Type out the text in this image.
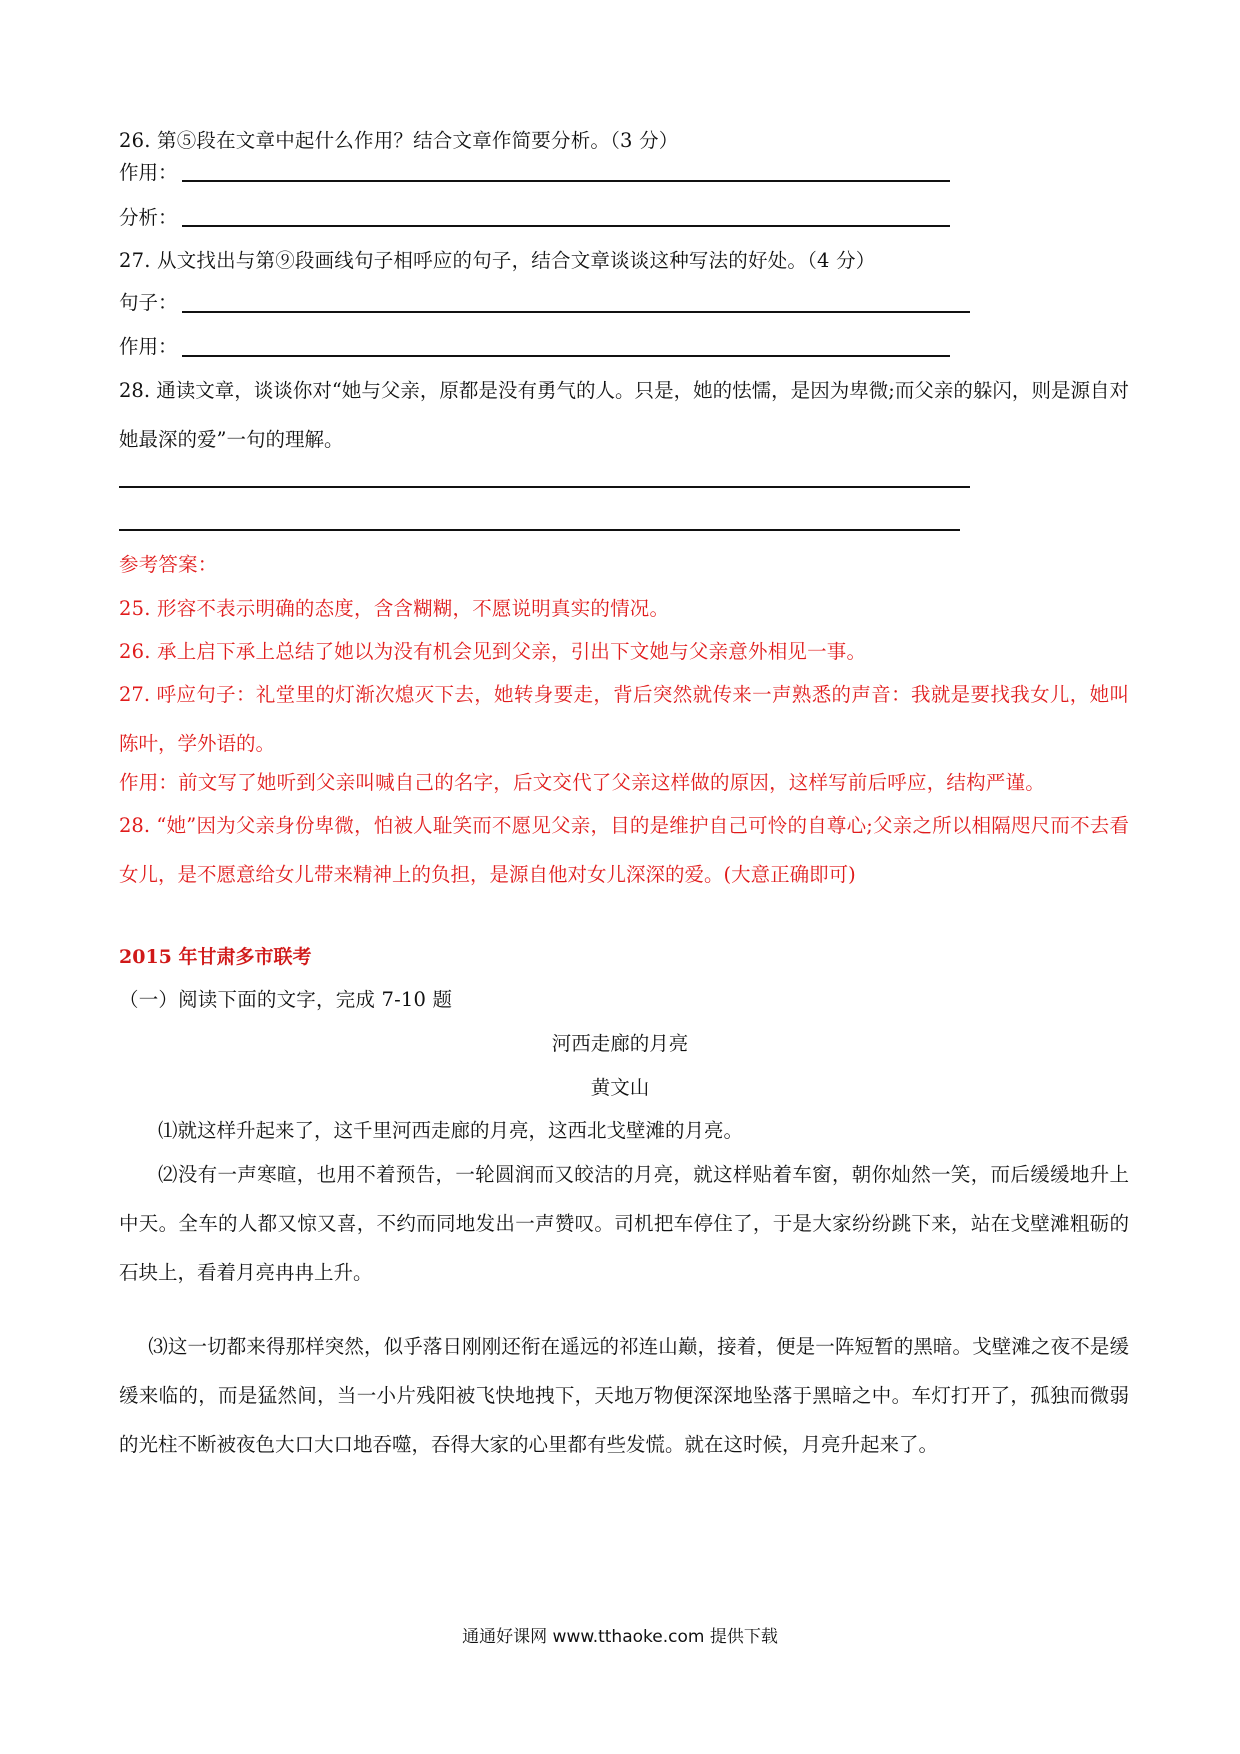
26. 第⑤段在文章中起什么作用？结合文章作简要分析。（3 分）
作用：
分析：
27. 从文找出与第⑨段画线句子相呼应的句子，结合文章谈谈这种写法的好处。（4 分）
句子：
作用：
28. 通读文章，谈谈你对“她与父亲，原都是没有勇气的人。只是，她的怯懦，是因为卑微;而父亲的躲闪，则是源自对她最深的爱”一句的理解。
参考答案：
25. 形容不表示明确的态度，含含糊糊，不愿说明真实的情况。
26. 承上启下承上总结了她以为没有机会见到父亲，引出下文她与父亲意外相见一事。
27. 呼应句子：礼堂里的灯渐次熄灭下去，她转身要走，背后突然就传来一声熟悉的声音：我就是要找我女儿，她叫陈叶，学外语的。
作用：前文写了她听到父亲叫喊自己的名字，后文交代了父亲这样做的原因，这样写前后呼应，结构严谨。
28. “她”因为父亲身份卑微，怕被人耻笑而不愿见父亲，目的是维护自己可怜的自尊心;父亲之所以相隔咫尺而不去看女儿，是不愿意给女儿带来精神上的负担，是源自他对女儿深深的爱。(大意正确即可)
2015 年甘肃多市联考
（一）阅读下面的文字，完成 7-10 题
河西走廊的月亮
黄文山
⑴就这样升起来了，这千里河西走廊的月亮，这西北戈壁滩的月亮。
⑵没有一声寒暄，也用不着预告，一轮圆润而又皎洁的月亮，就这样贴着车窗，朝你灿然一笑，而后缓缓地升上中天。全车的人都又惊又喜，不约而同地发出一声赞叹。司机把车停住了，于是大家纷纷跳下来，站在戈壁滩粗砺的石块上，看着月亮冉冉上升。
⑶这一切都来得那样突然，似乎落日刚刚还衔在遥远的祁连山巅，接着，便是一阵短暂的黑暗。戈壁滩之夜不是缓缓来临的，而是猛然间，当一小片残阳被飞快地拽下，天地万物便深深地坠落于黑暗之中。车灯打开了，孤独而微弱的光柱不断被夜色大口大口地吞噬，吞得大家的心里都有些发慌。就在这时候，月亮升起来了。
通通好课网 www.tthaoke.com 提供下载
